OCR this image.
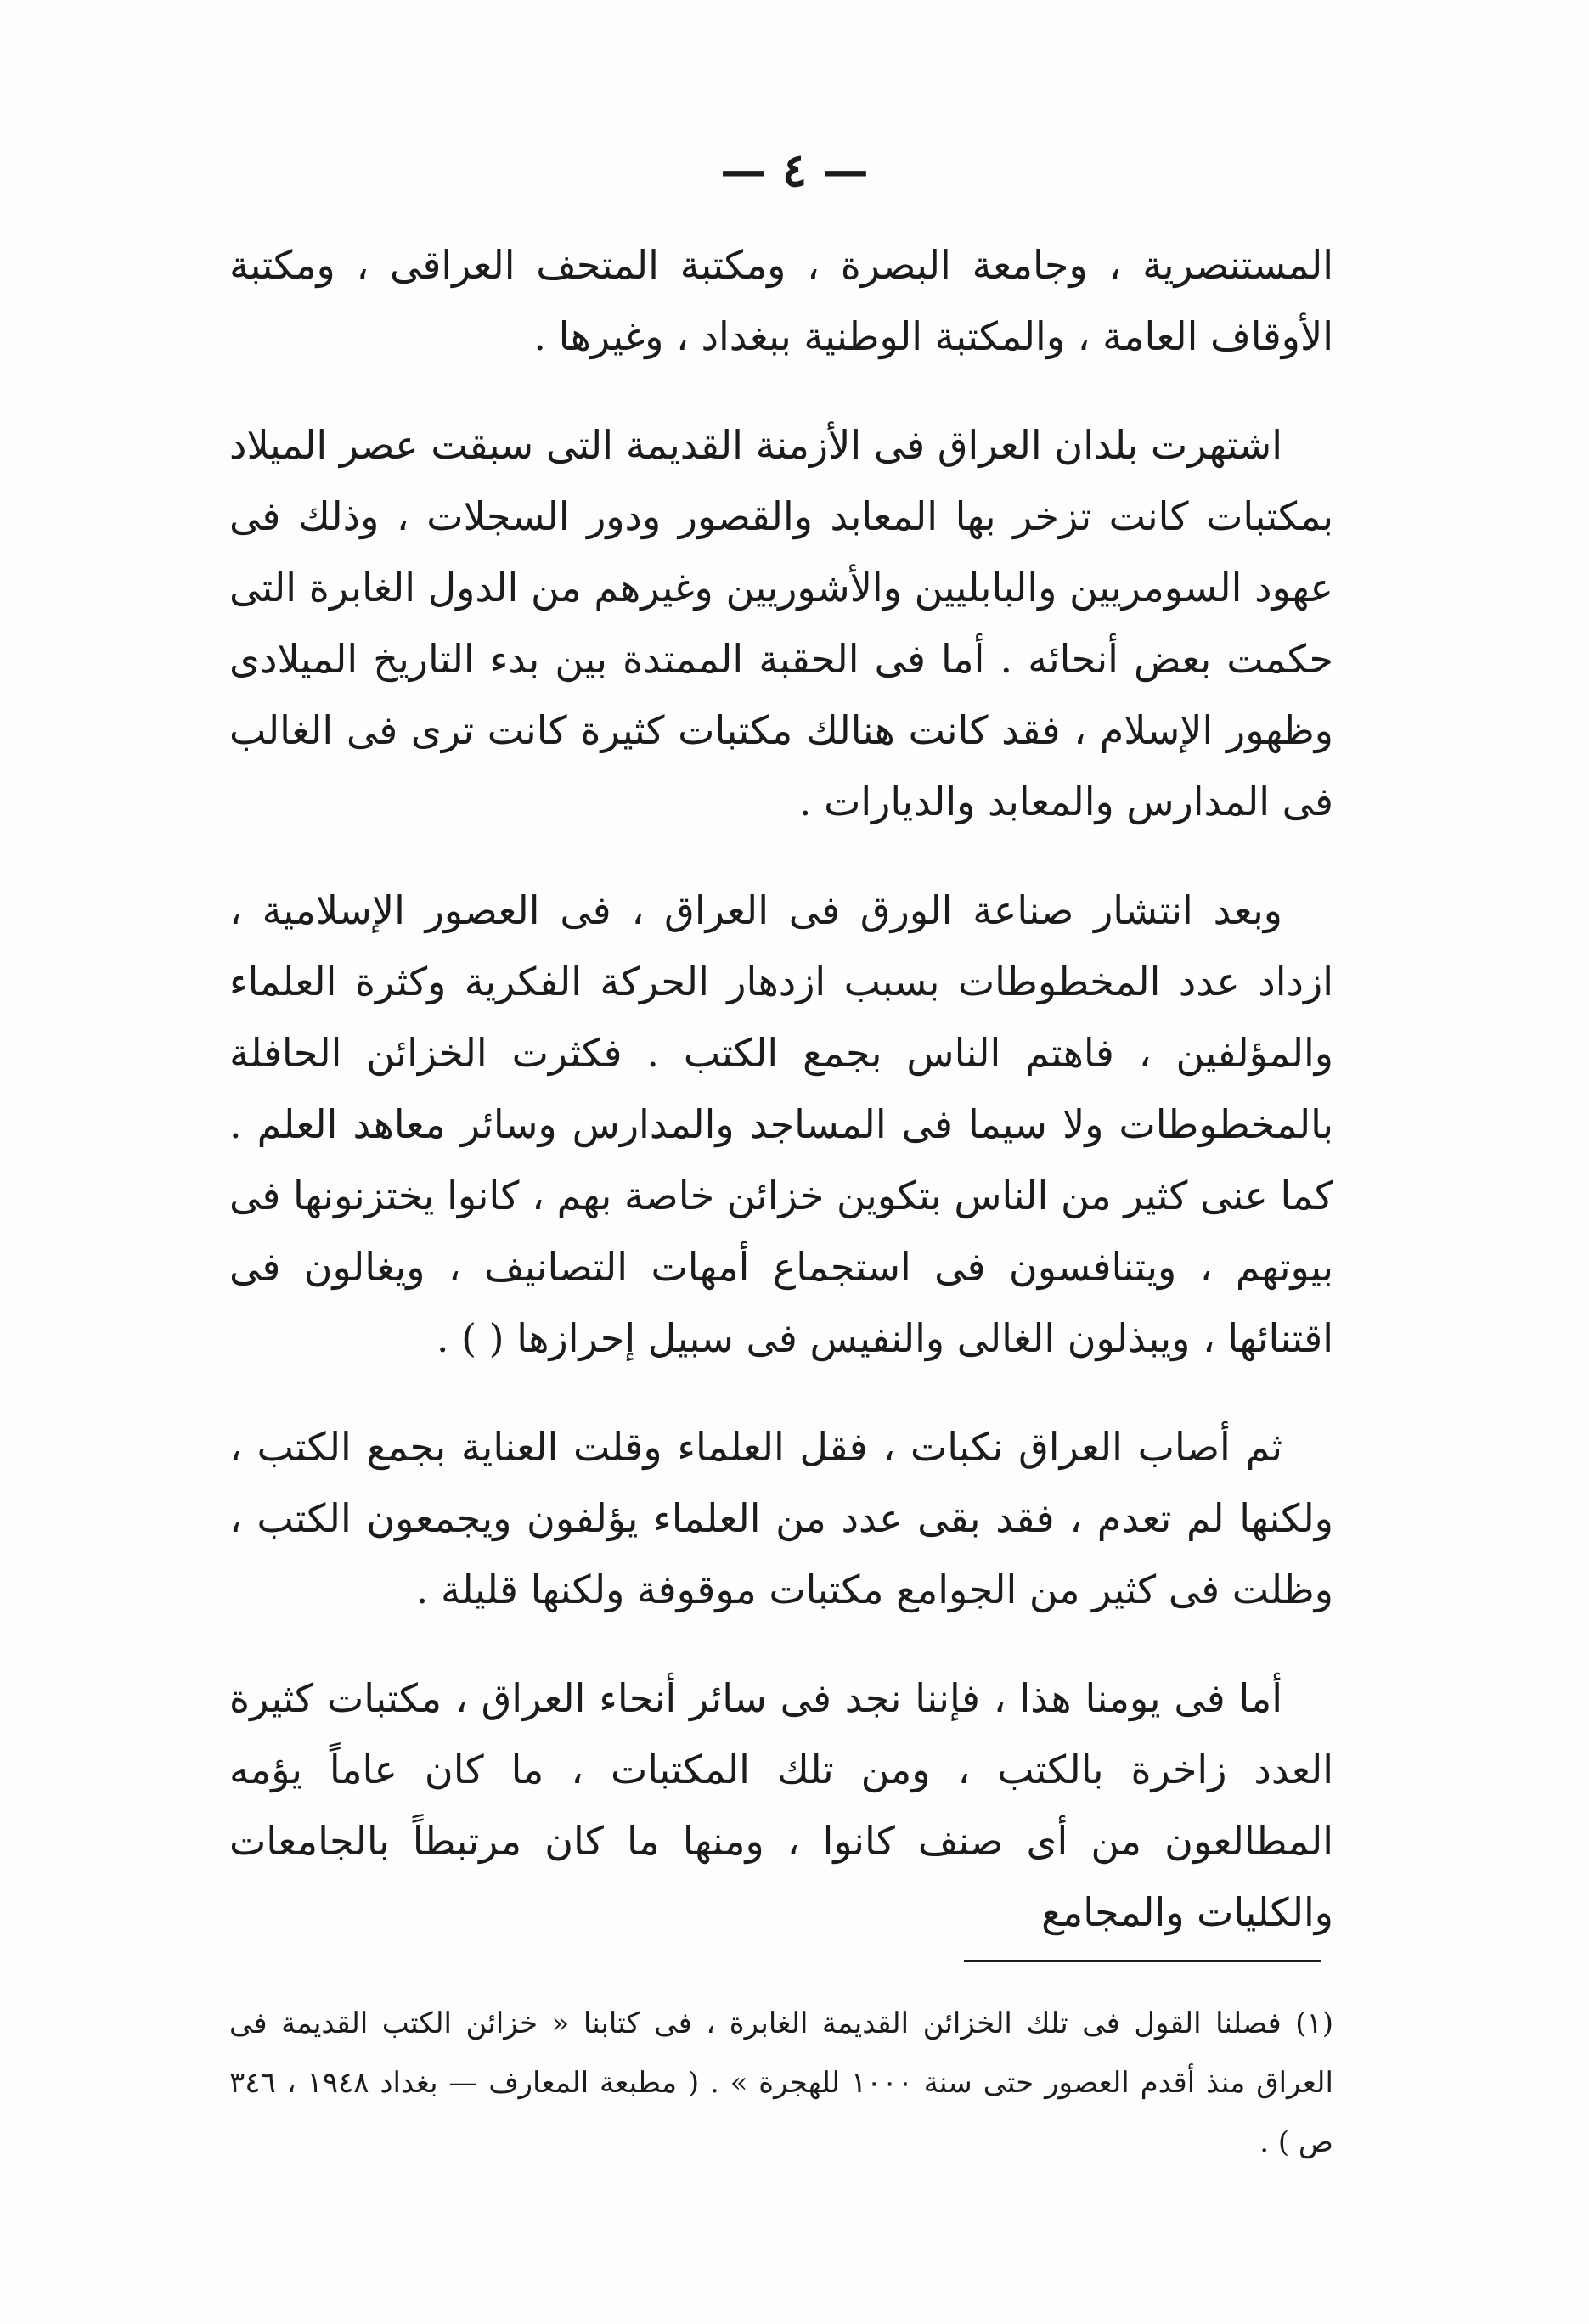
— ٤ —

المستنصرية ، وجامعة البصرة ، ومكتبة المتحف العراقى ، ومكتبة الأوقاف العامة ، والمكتبة الوطنية ببغداد ، وغيرها .

اشتهرت بلدان العراق فى الأزمنة القديمة التى سبقت عصر الميلاد بمكتبات كانت تزخر بها المعابد والقصور ودور السجلات ، وذلك فى عهود السومريين والبابليين والأشوريين وغيرهم من الدول الغابرة التى حكمت بعض أنحائه . أما فى الحقبة الممتدة بين بدء التاريخ الميلادى وظهور الإسلام ، فقد كانت هنالك مكتبات كثيرة كانت ترى فى الغالب فى المدارس والمعابد والديارات .

وبعد انتشار صناعة الورق فى العراق ، فى العصور الإسلامية ، ازداد عدد المخطوطات بسبب ازدهار الحركة الفكرية وكثرة العلماء والمؤلفين ، فاهتم الناس بجمع الكتب . فكثرت الخزائن الحافلة بالمخطوطات ولا سيما فى المساجد والمدارس وسائر معاهد العلم . كما عنى كثير من الناس بتكوين خزائن خاصة بهم ، كانوا يختزنونها فى بيوتهم ، ويتنافسون فى استجماع أمهات التصانيف ، ويغالون فى اقتنائها ، ويبذلون الغالى والنفيس فى سبيل إحرازها ( ) .

ثم أصاب العراق نكبات ، فقل العلماء وقلت العناية بجمع الكتب ، ولكنها لم تعدم ، فقد بقى عدد من العلماء يؤلفون ويجمعون الكتب ، وظلت فى كثير من الجوامع مكتبات موقوفة ولكنها قليلة .

أما فى يومنا هذا ، فإننا نجد فى سائر أنحاء العراق ، مكتبات كثيرة العدد زاخرة بالكتب ، ومن تلك المكتبات ، ما كان عاماً يؤمه المطالعون من أى صنف كانوا ، ومنها ما كان مرتبطاً بالجامعات والكليات والمجامع

(١) فصلنا القول فى تلك الخزائن القديمة الغابرة ، فى كتابنا « خزائن الكتب القديمة فى العراق منذ أقدم العصور حتى سنة ١٠٠٠ للهجرة » . ( مطبعة المعارف — بغداد ١٩٤٨ ، ٣٤٦ ص ) .
